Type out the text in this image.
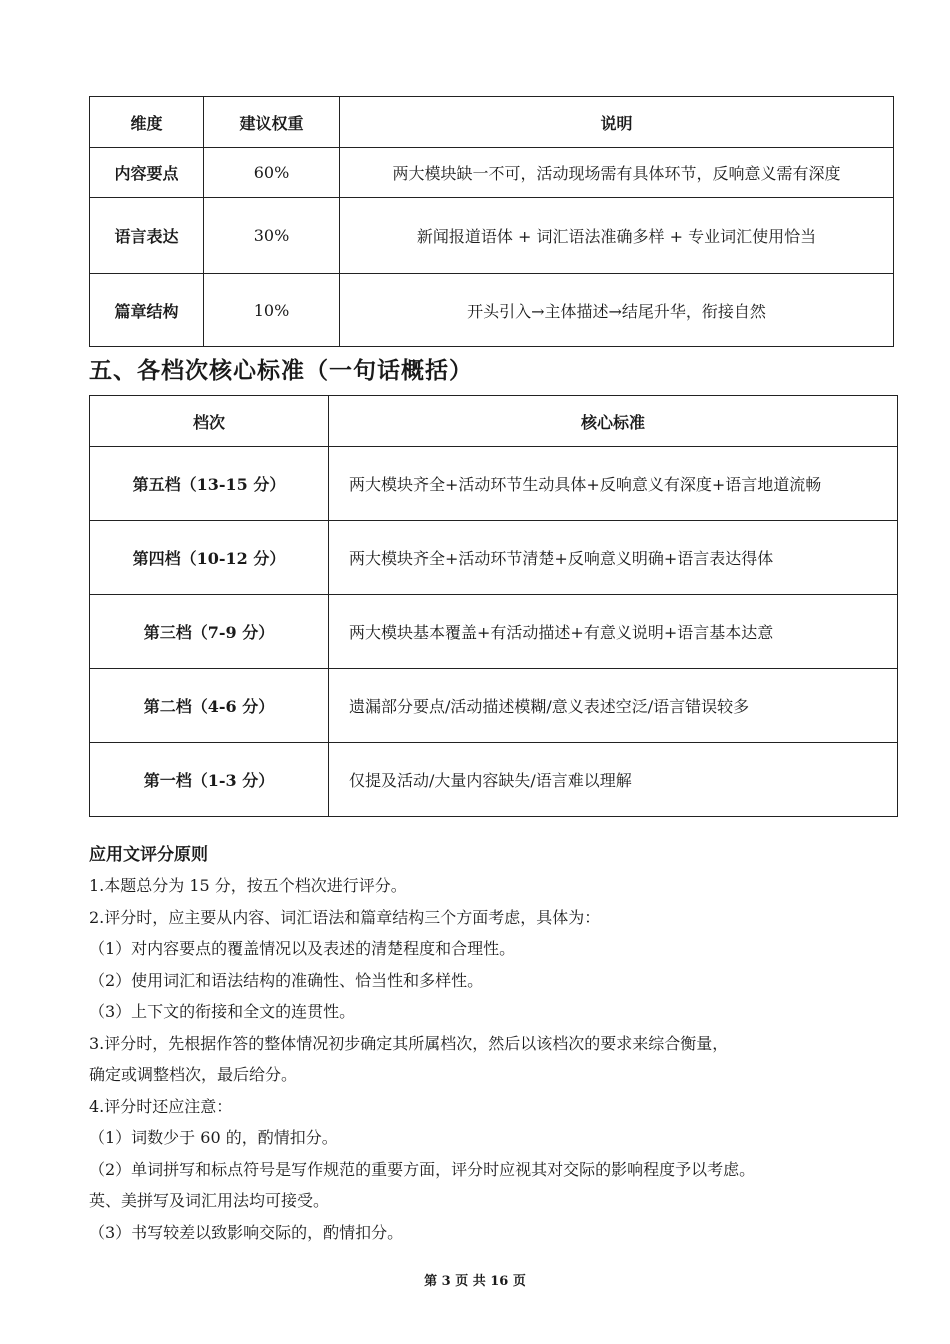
维度	建议权重	说明
内容要点	60%	两大模块缺一不可，活动现场需有具体环节，反响意义需有深度
语言表达	30%	新闻报道语体 + 词汇语法准确多样 + 专业词汇使用恰当
篇章结构	10%	开头引入→主体描述→结尾升华，衔接自然
五、各档次核心标准（一句话概括）
档次	核心标准
第五档（13-15 分）	两大模块齐全+活动环节生动具体+反响意义有深度+语言地道流畅
第四档（10-12 分）	两大模块齐全+活动环节清楚+反响意义明确+语言表达得体
第三档（7-9 分）	两大模块基本覆盖+有活动描述+有意义说明+语言基本达意
第二档（4-6 分）	遗漏部分要点/活动描述模糊/意义表述空泛/语言错误较多
第一档（1-3 分）	仅提及活动/大量内容缺失/语言难以理解
应用文评分原则
1.本题总分为 15 分，按五个档次进行评分。
2.评分时，应主要从内容、词汇语法和篇章结构三个方面考虑，具体为：
（1）对内容要点的覆盖情况以及表述的清楚程度和合理性。
（2）使用词汇和语法结构的准确性、恰当性和多样性。
（3）上下文的衔接和全文的连贯性。
3.评分时，先根据作答的整体情况初步确定其所属档次，然后以该档次的要求来综合衡量，
确定或调整档次，最后给分。
4.评分时还应注意：
（1）词数少于 60 的，酌情扣分。
（2）单词拼写和标点符号是写作规范的重要方面，评分时应视其对交际的影响程度予以考虑。
英、美拼写及词汇用法均可接受。
（3）书写较差以致影响交际的，酌情扣分。
第 3 页 共 16 页
